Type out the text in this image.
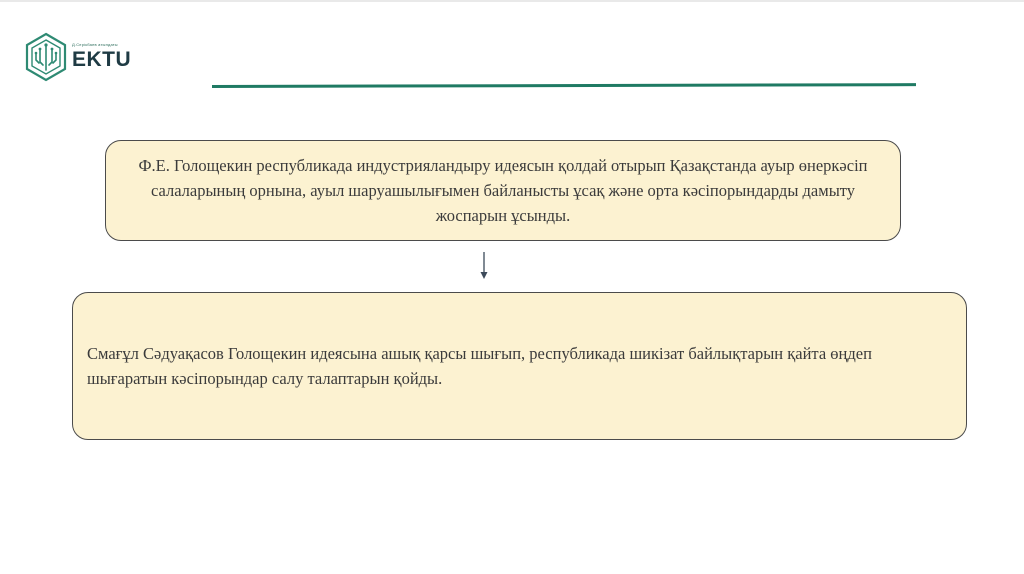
Д.Серікбаев атындағы
EKTU
Ф.Е. Голощекин республикада индустрияландыру идеясын қолдай отырып Қазақстанда ауыр өнеркәсіп салаларының орнына, ауыл шаруашылығымен байланысты ұсақ және орта кәсіпорындарды дамыту жоспарын ұсынды.
Смағұл Сәдуақасов Голощекин идеясына ашық қарсы шығып, республикада шикізат байлықтарын қайта өңдеп шығаратын кәсіпорындар салу талаптарын қойды.
